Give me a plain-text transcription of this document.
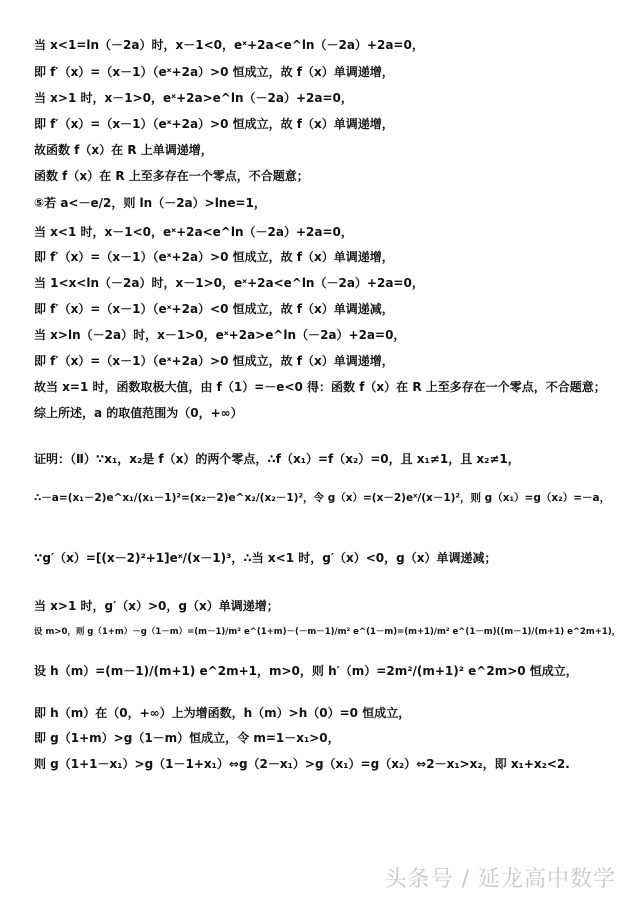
当 x<1=ln（－2a）时，x－1<0，eˣ+2a<e^ln（－2a）+2a=0，
即 f′（x）=（x－1）（eˣ+2a）>0 恒成立，故 f（x）单调递增，
当 x>1 时，x－1>0，eˣ+2a>e^ln（－2a）+2a=0，
即 f′（x）=（x－1）（eˣ+2a）>0 恒成立，故 f（x）单调递增，
故函数 f（x）在 R 上单调递增，
函数 f（x）在 R 上至多存在一个零点，不合题意；
⑤若 a<－e/2，则 ln（－2a）>lne=1，
当 x<1 时，x－1<0，eˣ+2a<e^ln（－2a）+2a=0，
即 f′（x）=（x－1）（eˣ+2a）>0 恒成立，故 f（x）单调递增，
当 1<x<ln（－2a）时，x－1>0，eˣ+2a<e^ln（－2a）+2a=0，
即 f′（x）=（x－1）（eˣ+2a）<0 恒成立，故 f（x）单调递减，
当 x>ln（－2a）时，x－1>0，eˣ+2a>e^ln（－2a）+2a=0，
即 f′（x）=（x－1）（eˣ+2a）>0 恒成立，故 f（x）单调递增，
故当 x=1 时，函数取极大值，由 f（1）=－e<0 得：函数 f（x）在 R 上至多存在一个零点，不合题意；
综上所述，a 的取值范围为（0，+∞）
证明：（Ⅱ）∵x₁，x₂是 f（x）的两个零点，∴f（x₁）=f（x₂）=0，且 x₁≠1，且 x₂≠1，
∴－a=(x₁－2)e^x₁/(x₁－1)²=(x₂－2)e^x₂/(x₂－1)²，令 g（x）=(x－2)eˣ/(x－1)²，则 g（x₁）=g（x₂）=－a，
∵g′（x）=[(x－2)²+1]eˣ/(x－1)³，∴当 x<1 时，g′（x）<0，g（x）单调递减；
当 x>1 时，g′（x）>0，g（x）单调递增；
设 m>0，则 g（1+m）－g（1－m）=(m－1)/m² e^(1+m)－(－m－1)/m² e^(1－m)=(m+1)/m² e^(1－m)((m－1)/(m+1) e^2m+1)，
设 h（m）=(m－1)/(m+1) e^2m+1，m>0，则 h′（m）=2m²/(m+1)² e^2m>0 恒成立，
即 h（m）在（0，+∞）上为增函数，h（m）>h（0）=0 恒成立，
即 g（1+m）>g（1－m）恒成立，令 m=1－x₁>0，
则 g（1+1－x₁）>g（1－1+x₁）⇔g（2－x₁）>g（x₁）=g（x₂）⇔2－x₁>x₂，即 x₁+x₂<2.
头条号 / 延龙高中数学
